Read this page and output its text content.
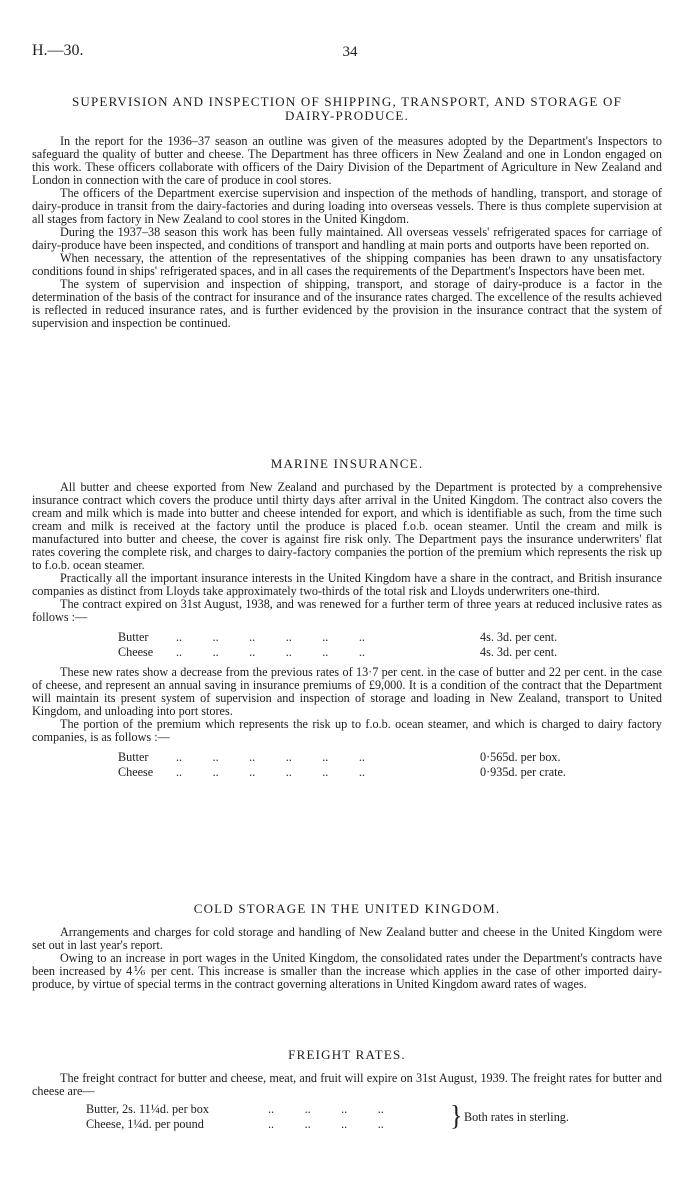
H.—30.	34
SUPERVISION AND INSPECTION OF SHIPPING, TRANSPORT, AND STORAGE OF DAIRY-PRODUCE.

In the report for the 1936–37 season an outline was given of the measures adopted by the Department's Inspectors to safeguard the quality of butter and cheese. The Department has three officers in New Zealand and one in London engaged on this work. These officers collaborate with officers of the Dairy Division of the Department of Agriculture in New Zealand and London in connection with the care of produce in cool stores.

The officers of the Department exercise supervision and inspection of the methods of handling, transport, and storage of dairy-produce in transit from the dairy-factories and during loading into overseas vessels. There is thus complete supervision at all stages from factory in New Zealand to cool stores in the United Kingdom.

During the 1937–38 season this work has been fully maintained. All overseas vessels' refrigerated spaces for carriage of dairy-produce have been inspected, and conditions of transport and handling at main ports and outports have been reported on.

When necessary, the attention of the representatives of the shipping companies has been drawn to any unsatisfactory conditions found in ships' refrigerated spaces, and in all cases the requirements of the Department's Inspectors have been met.

The system of supervision and inspection of shipping, transport, and storage of dairy-produce is a factor in the determination of the basis of the contract for insurance and of the insurance rates charged. The excellence of the results achieved is reflected in reduced insurance rates, and is further evidenced by the provision in the insurance contract that the system of supervision and inspection be continued.

MARINE INSURANCE.

All butter and cheese exported from New Zealand and purchased by the Department is protected by a comprehensive insurance contract which covers the produce until thirty days after arrival in the United Kingdom. The contract also covers the cream and milk which is made into butter and cheese intended for export, and which is identifiable as such, from the time such cream and milk is received at the factory until the produce is placed f.o.b. ocean steamer. Until the cream and milk is manufactured into butter and cheese, the cover is against fire risk only. The Department pays the insurance underwriters' flat rates covering the complete risk, and charges to dairy-factory companies the portion of the premium which represents the risk up to f.o.b. ocean steamer.

Practically all the important insurance interests in the United Kingdom have a share in the contract, and British insurance companies as distinct from Lloyds take approximately two-thirds of the total risk and Lloyds underwriters one-third.

The contract expired on 31st August, 1938, and was renewed for a further term of three years at reduced inclusive rates as follows :—

Butter ..          ..          ..          ..          ..          ..	4s. 3d. per cent.
Cheese ..          ..          ..          ..          ..          ..	4s. 3d. per cent.

These new rates show a decrease from the previous rates of 13·7 per cent. in the case of butter and 22 per cent. in the case of cheese, and represent an annual saving in insurance premiums of £9,000. It is a condition of the contract that the Department will maintain its present system of supervision and inspection of storage and loading in New Zealand, transport to United Kingdom, and unloading into port stores.

The portion of the premium which represents the risk up to f.o.b. ocean steamer, and which is charged to dairy factory companies, is as follows :—

Butter ..          ..          ..          ..          ..          ..	0·565d. per box.
Cheese ..          ..          ..          ..          ..          ..	0·935d. per crate.
COLD STORAGE IN THE UNITED KINGDOM.

Arrangements and charges for cold storage and handling of New Zealand butter and cheese in the United Kingdom were set out in last year's report.

Owing to an increase in port wages in the United Kingdom, the consolidated rates under the Department's contracts have been increased by 4⅙ per cent. This increase is smaller than the increase which applies in the case of other imported dairy-produce, by virtue of special terms in the contract governing alterations in United Kingdom award rates of wages.

FREIGHT RATES.

The freight contract for butter and cheese, meat, and fruit will expire on 31st August, 1939. The freight rates for butter and cheese are—

Butter, 2s. 11¼d. per box	..          ..          ..          ..
Cheese, 1¼d. per pound	..          ..          ..          ..	} Both rates in sterling.
